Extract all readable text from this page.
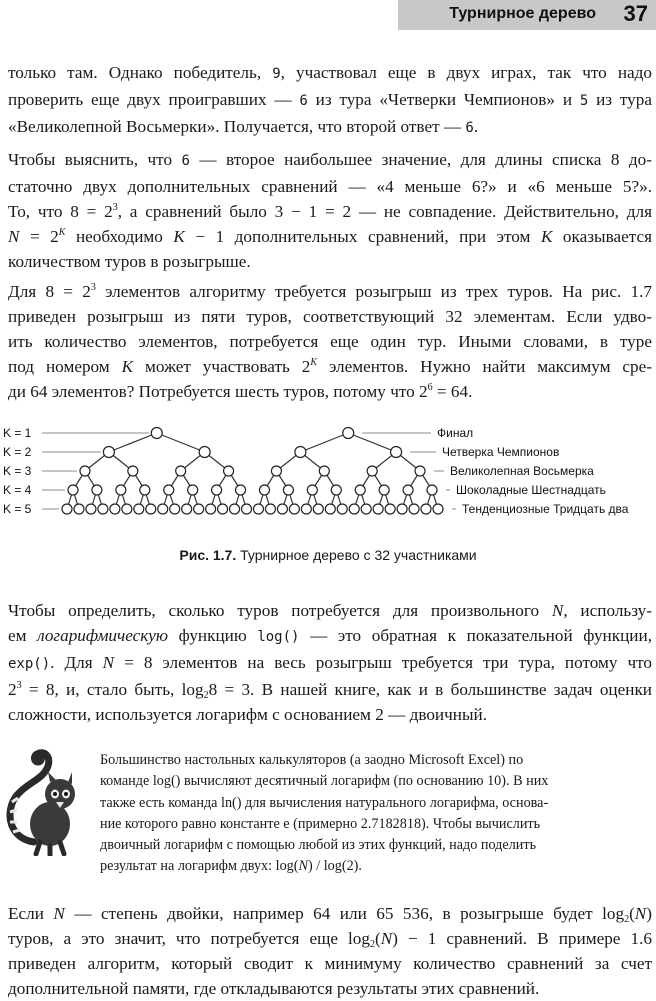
Турнирное дерево 37
только там. Однако победитель, 9, участвовал еще в двух играх, так что надо
проверить еще двух проигравших — 6 из тура «Четверки Чемпионов» и 5 из тура
«Великолепной Восьмерки». Получается, что второй ответ — 6.
Чтобы выяснить, что 6 — второе наибольшее значение, для длины списка 8 до-
статочно двух дополнительных сравнений — «4 меньше 6?» и «6 меньше 5?».
То, что $8 = 2^3$, а сравнений было 3 − 1 = 2 — не совпадение. Действительно, для
$N = 2^K$ необходимо K − 1 дополнительных сравнений, при этом K оказывается
количеством туров в розыгрыше.
Для $8 = 2^3$ элементов алгоритму требуется розыгрыш из трех туров. На рис. 1.7
приведен розыгрыш из пяти туров, соответствующий 32 элементам. Если удво-
ить количество элементов, потребуется еще один тур. Иными словами, в туре
под номером K может участвовать $2^K$ элементов. Нужно найти максимум сре-
ди 64 элементов? Потребуется шесть туров, потому что $2^6 = 64$.
K = 1	Финал
K = 2	Четверка Чемпионов
K = 3	Великолепная Восьмерка
K = 4	Шоколадные Шестнадцать
K = 5	Тенденциозные Тридцать два
Рис. 1.7. Турнирное дерево с 32 участниками
Чтобы определить, сколько туров потребуется для произвольного N, использу-
ем логарифмическую функцию log() — это обратная к показательной функции,
exp(). Для N = 8 элементов на весь розыгрыш требуется три тура, потому что
$2^3 = 8$, и, стало быть, $\log_28 = 3$. В нашей книге, как и в большинстве задач оценки
сложности, используется логарифм с основанием 2 — двоичный.
Большинство настольных калькуляторов (а заодно Microsoft Excel) по
команде log() вычисляют десятичный логарифм (по основанию 10). В них
также есть команда ln() для вычисления натурального логарифма, основа-
ние которого равно константе e (примерно 2.7182818). Чтобы вычислить
двоичный логарифм с помощью любой из этих функций, надо поделить
результат на логарифм двух: log(N) / log(2).
Если N — степень двойки, например 64 или 65 536, в розыгрыше будет $\log_2(N)$
туров, а это значит, что потребуется еще $\log_2(N) - 1$ сравнений. В примере 1.6
приведен алгоритм, который сводит к минимуму количество сравнений за счет
дополнительной памяти, где откладываются результаты этих сравнений.
